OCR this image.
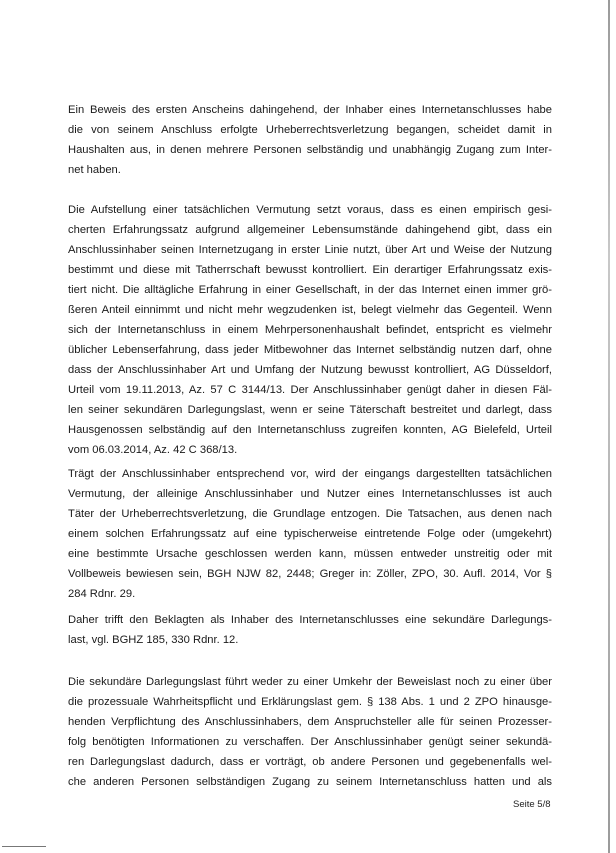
Ein Beweis des ersten Anscheins dahingehend, der Inhaber eines Internetanschlusses habe
die von seinem Anschluss erfolgte Urheberrechtsverletzung begangen, scheidet damit in
Haushalten aus, in denen mehrere Personen selbständig und unabhängig Zugang zum Inter-
net haben.
Die Aufstellung einer tatsächlichen Vermutung setzt voraus, dass es einen empirisch gesi-
cherten Erfahrungssatz aufgrund allgemeiner Lebensumstände dahingehend gibt, dass ein
Anschlussinhaber seinen Internetzugang in erster Linie nutzt, über Art und Weise der Nutzung
bestimmt und diese mit Tatherrschaft bewusst kontrolliert. Ein derartiger Erfahrungssatz exis-
tiert nicht. Die alltägliche Erfahrung in einer Gesellschaft, in der das Internet einen immer grö-
ßeren Anteil einnimmt und nicht mehr wegzudenken ist, belegt vielmehr das Gegenteil. Wenn
sich der Internetanschluss in einem Mehrpersonenhaushalt befindet, entspricht es vielmehr
üblicher Lebenserfahrung, dass jeder Mitbewohner das Internet selbständig nutzen darf, ohne
dass der Anschlussinhaber Art und Umfang der Nutzung bewusst kontrolliert, AG Düsseldorf,
Urteil vom 19.11.2013, Az. 57 C 3144/13. Der Anschlussinhaber genügt daher in diesen Fäl-
len seiner sekundären Darlegungslast, wenn er seine Täterschaft bestreitet und darlegt, dass
Hausgenossen selbständig auf den Internetanschluss zugreifen konnten, AG Bielefeld, Urteil
vom 06.03.2014, Az. 42 C 368/13.
Trägt der Anschlussinhaber entsprechend vor, wird der eingangs dargestellten tatsächlichen
Vermutung, der alleinige Anschlussinhaber und Nutzer eines Internetanschlusses ist auch
Täter der Urheberrechtsverletzung, die Grundlage entzogen. Die Tatsachen, aus denen nach
einem solchen Erfahrungssatz auf eine typischerweise eintretende Folge oder (umgekehrt)
eine bestimmte Ursache geschlossen werden kann, müssen entweder unstreitig oder mit
Vollbeweis bewiesen sein, BGH NJW 82, 2448; Greger in: Zöller, ZPO, 30. Aufl. 2014, Vor §
284 Rdnr. 29.
Daher trifft den Beklagten als Inhaber des Internetanschlusses eine sekundäre Darlegungs-
last, vgl. BGHZ 185, 330 Rdnr. 12.
Die sekundäre Darlegungslast führt weder zu einer Umkehr der Beweislast noch zu einer über
die prozessuale Wahrheitspflicht und Erklärungslast gem. § 138 Abs. 1 und 2 ZPO hinausge-
henden Verpflichtung des Anschlussinhabers, dem Anspruchsteller alle für seinen Prozesser-
folg benötigten Informationen zu verschaffen. Der Anschlussinhaber genügt seiner sekundä-
ren Darlegungslast dadurch, dass er vorträgt, ob andere Personen und gegebenenfalls wel-
che anderen Personen selbständigen Zugang zu seinem Internetanschluss hatten und als
Seite 5/8
